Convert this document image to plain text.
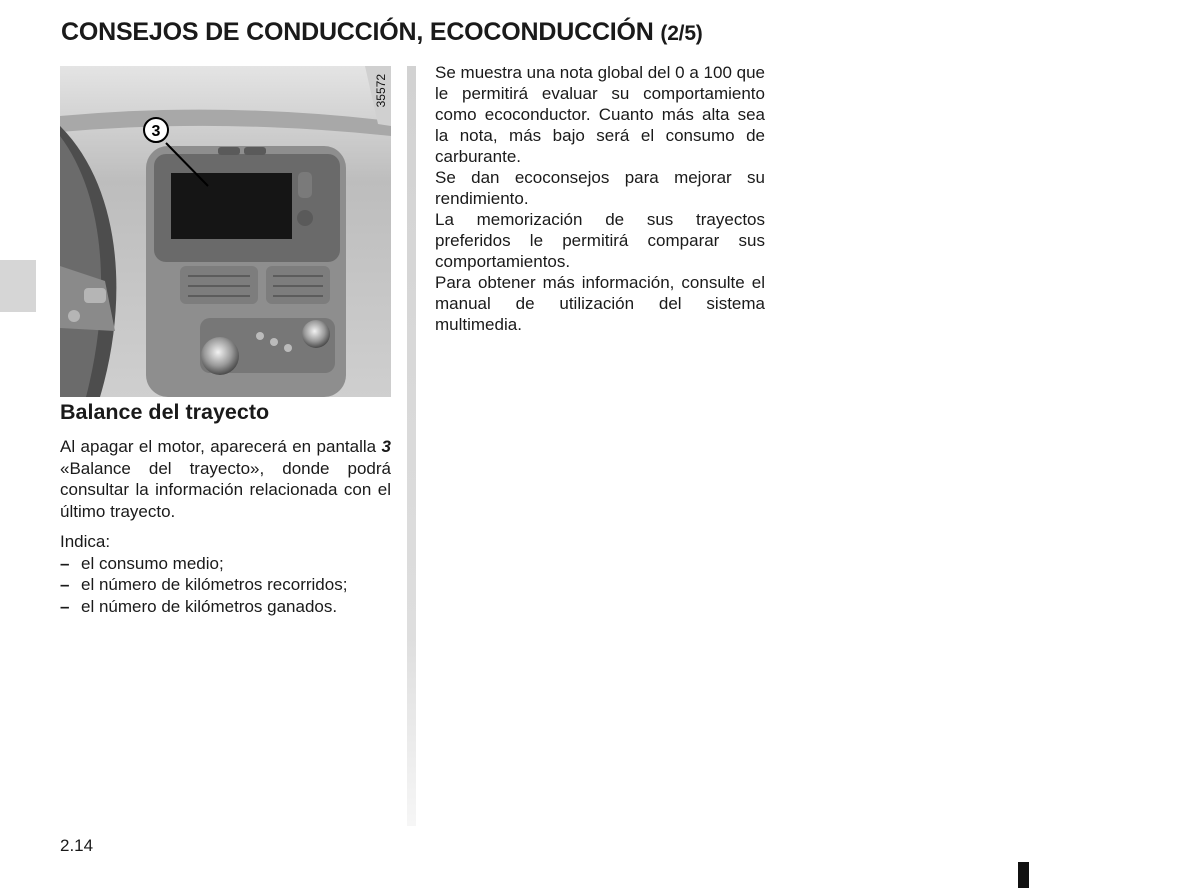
CONSEJOS DE CONDUCCIÓN, ECOCONDUCCIÓN (2/5)
35572
3
Balance del trayecto

Al apagar el motor, aparecerá en pantalla 3 «Balance del trayecto», donde podrá consultar la información relacionada con el último trayecto.

Indica:

– el consumo medio;
– el número de kilómetros recorridos;
– el número de kilómetros ganados.

Se muestra una nota global del 0 a 100 que le permitirá evaluar su comportamiento como ecoconductor. Cuanto más alta sea la nota, más bajo será el consumo de carburante.

Se dan ecoconsejos para mejorar su rendimiento.

La memorización de sus trayectos preferidos le permitirá comparar sus comportamientos.

Para obtener más información, consulte el manual de utilización del sistema multimedia.

2.14
